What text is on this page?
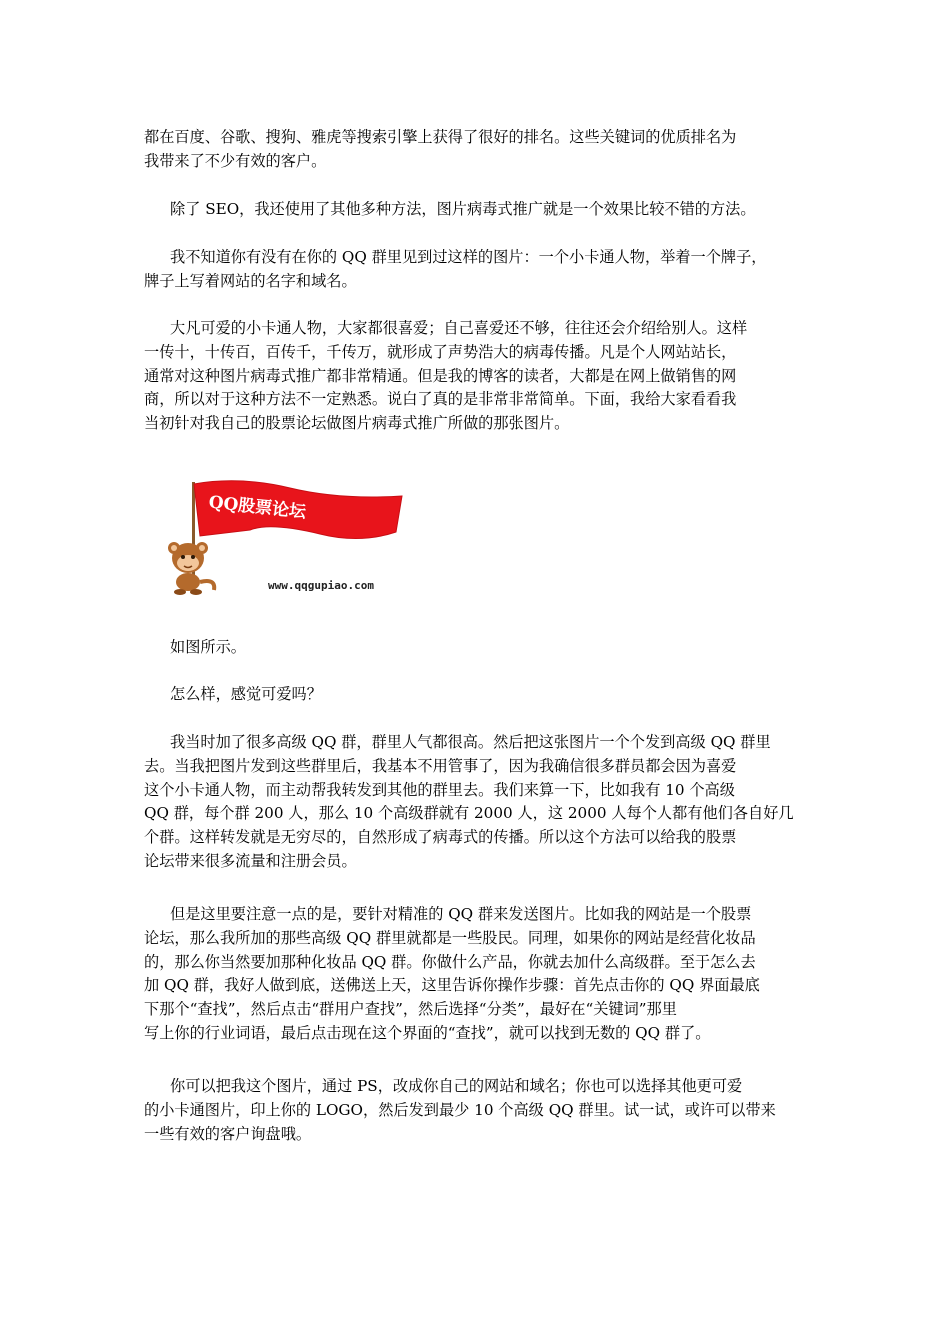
都在百度、谷歌、搜狗、雅虎等搜索引擎上获得了很好的排名。这些关键词的优质排名为
我带来了不少有效的客户。

除了 SEO，我还使用了其他多种方法，图片病毒式推广就是一个效果比较不错的方法。

我不知道你有没有在你的 QQ 群里见到过这样的图片：一个小卡通人物，举着一个牌子，
牌子上写着网站的名字和域名。

大凡可爱的小卡通人物，大家都很喜爱；自己喜爱还不够，往往还会介绍给别人。这样
一传十，十传百，百传千，千传万，就形成了声势浩大的病毒传播。凡是个人网站站长，
通常对这种图片病毒式推广都非常精通。但是我的博客的读者，大都是在网上做销售的网
商，所以对于这种方法不一定熟悉。说白了真的是非常非常简单。下面，我给大家看看我
当初针对我自己的股票论坛做图片病毒式推广所做的那张图片。

QQ股票论坛
www.qqgupiao.com

如图所示。

怎么样，感觉可爱吗？

我当时加了很多高级 QQ 群，群里人气都很高。然后把这张图片一个个发到高级 QQ 群里
去。当我把图片发到这些群里后，我基本不用管事了，因为我确信很多群员都会因为喜爱
这个小卡通人物，而主动帮我转发到其他的群里去。我们来算一下，比如我有 10 个高级
QQ 群，每个群 200 人，那么 10 个高级群就有 2000 人，这 2000 人每个人都有他们各自好几
个群。这样转发就是无穷尽的，自然形成了病毒式的传播。所以这个方法可以给我的股票
论坛带来很多流量和注册会员。

但是这里要注意一点的是，要针对精准的 QQ 群来发送图片。比如我的网站是一个股票
论坛，那么我所加的那些高级 QQ 群里就都是一些股民。同理，如果你的网站是经营化妆品
的，那么你当然要加那种化妆品 QQ 群。你做什么产品，你就去加什么高级群。至于怎么去
加 QQ 群，我好人做到底，送佛送上天，这里告诉你操作步骤：首先点击你的 QQ 界面最底
下那个“查找”，然后点击“群用户查找”，然后选择“分类”，最好在“关键词”那里
写上你的行业词语，最后点击现在这个界面的“查找”，就可以找到无数的 QQ 群了。

你可以把我这个图片，通过 PS，改成你自己的网站和域名；你也可以选择其他更可爱
的小卡通图片，印上你的 LOGO，然后发到最少 10 个高级 QQ 群里。试一试，或许可以带来
一些有效的客户询盘哦。
